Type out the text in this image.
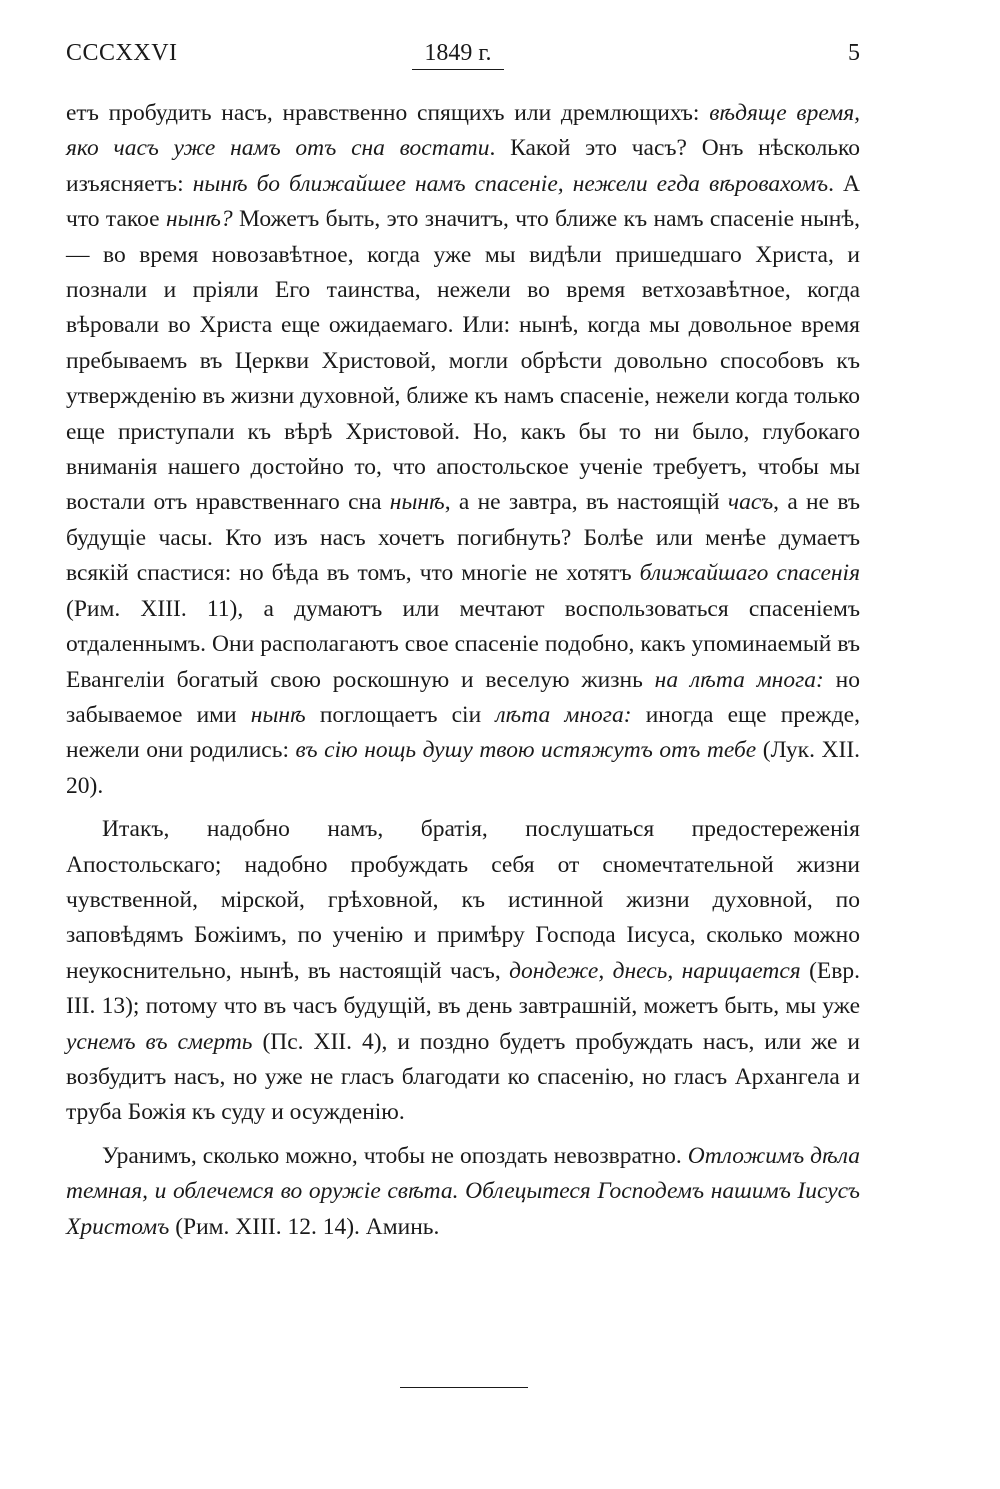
CCCXXVI	1849 г.	5

етъ пробудить насъ, нравственно спящихъ или дремлющихъ: вѣдяще время, яко часъ уже намъ отъ сна востати. Какой это часъ? Онъ нѣсколько изъясняетъ: нынѣ бо ближайшее намъ спасеніе, нежели егда вѣровахомъ. А что такое нынѣ? Можетъ быть, это значитъ, что ближе къ намъ спасеніе нынѣ, — во время новозавѣтное, когда уже мы видѣли пришедшаго Христа, и познали и пріяли Его таинства, нежели во время ветхозавѣтное, когда вѣровали во Христа еще ожидаемаго. Или: нынѣ, когда мы довольное время пребываемъ въ Церкви Христовой, могли обрѣсти довольно способовъ къ утвержденію въ жизни духовной, ближе къ намъ спасеніе, нежели когда только еще приступали къ вѣрѣ Христовой. Но, какъ бы то ни было, глубокаго вниманія нашего достойно то, что апостольское ученіе требуетъ, чтобы мы востали отъ нравственнаго сна нынѣ, а не завтра, въ настоящій часъ, а не въ будущіе часы. Кто изъ насъ хочетъ погибнуть? Болѣе или менѣе думаетъ всякій спастися: но бѣда въ томъ, что многіе не хотятъ ближайшаго спасенія (Рим. XIII. 11), а думаютъ или мечтают воспользоваться спасеніемъ отдаленнымъ. Они располагаютъ свое спасеніе подобно, какъ упоминаемый въ Евангеліи богатый свою роскошную и веселую жизнь на лѣта многа: но забываемое ими нынѣ поглощаетъ сіи лѣта многа: иногда еще прежде, нежели они родились: въ сію нощь душу твою истяжутъ отъ тебе (Лук. XII. 20).

Итакъ, надобно намъ, братія, послушаться предостереженія Апостольскаго; надобно пробуждать себя от сномечтательной жизни чувственной, мірской, грѣховной, къ истинной жизни духовной, по заповѣдямъ Божіимъ, по ученію и примѣру Господа Іисуса, сколько можно неукоснительно, нынѣ, въ настоящій часъ, дондеже, днесь, нарицается (Евр. III. 13); потому что въ часъ будущій, въ день завтрашній, можетъ быть, мы уже уснемъ въ смерть (Пс. XII. 4), и поздно будетъ пробуждать насъ, или же и возбудитъ насъ, но уже не гласъ благодати ко спасенію, но гласъ Архангела и труба Божія къ суду и осужденію.

Уранимъ, сколько можно, чтобы не опоздать невозвратно. Отложимъ дѣла темная, и облечемся во оружіе свѣта. Облецытеся Господемъ нашимъ Іисусъ Христомъ (Рим. XIII. 12. 14). Аминь.
